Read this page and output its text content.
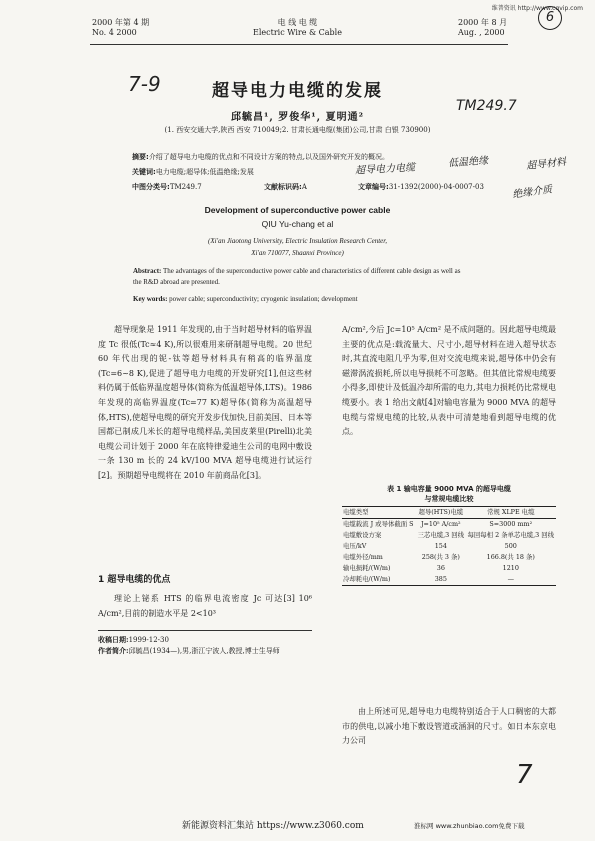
维普资讯 http://www.cqvip.com
6
2000 年第 4 期
No. 4 2000
电 线 电 缆
Electric Wire & Cable
2000 年 8 月
Aug. , 2000
7-9
TM249.7
超导电力电缆	低温绝缘	超导材料
绝缘介质
超导电力电缆的发展
邱毓昌¹, 罗俊华¹, 夏明通²
(1. 西安交通大学,陕西 西安 710049;2. 甘肃长通电缆(集团)公司,甘肃 白银 730900)
摘要:介绍了超导电力电缆的优点和不同设计方案的特点,以及国外研究开发的概况。
关键词:电力电缆;超导体;低温绝缘;发展
中图分类号:TM249.7	文献标识码:A	文章编号:31-1392(2000)-04-0007-03
Development of superconductive power cable
QIU Yu-chang et al
(Xi'an Jiaotong University, Electric Insulation Research Center,
Xi'an 710077, Shaanxi Province)
Abstract: The advantages of the superconductive power cable and characteristics of different cable design as well as the R&D abroad are presented.
Key words: power cable; superconductivity; cryogenic insulation; development
超导现象是 1911 年发现的,由于当时超导材料的临界温度 Tc 很低(Tc≈4 K),所以很难用来研制超导电缆。20 世纪 60 年代出现的铌-钛等超导材料具有稍高的临界温度(Tc=6~8 K),促进了超导电力电缆的开发研究[1],但这些材料仍属于低临界温度超导体(简称为低温超导体,LTS)。1986 年发现的高临界温度(Tc=77 K)超导体(简称为高温超导体,HTS),使超导电缆的研究开发步伐加快,目前美国、日本等国都已制成几米长的超导电缆样品,美国皮莱里(Pirelli)北美电缆公司计划于 2000 年在底特律爱迪生公司的电网中敷设一条 130 m 长的 24 kV/100 MVA 超导电缆进行试运行[2]。预期超导电缆将在 2010 年前商品化[3]。
1 超导电缆的优点
理论上铋系 HTS 的临界电流密度 Jc 可达[3] 10⁶ A/cm²,目前的制造水平是 2<10³
收稿日期:1999-12-30
作者简介:邱毓昌(1934—),男,浙江宁波人,教授,博士生导师
A/cm²,今后 Jc=10⁵ A/cm² 是不成问题的。因此超导电缆最主要的优点是:载流量大、尺寸小,超导材料在进入超导状态时,其直流电阻几乎为零,但对交流电缆来说,超导体中仍会有磁滞涡流损耗,所以电导损耗不可忽略。但其值比常规电缆要小得多,即使计及低温冷却所需的电力,其电力损耗仍比常规电缆要小。表 1 给出文献[4]对输电容量为 9000 MVA 的超导电缆与常规电缆的比较,从表中可清楚地看到超导电缆的优点。
表 1 输电容量 9000 MVA 的超导电缆
与常规电缆比较
电缆类型	超导(HTS)电缆	常规 XLPE 电缆
电缆载流 J 或导体截面 S	J=10⁵ A/cm²	S=3000 mm²
电缆敷设方案	三芯电缆,3 回线	每回每相 2 条单芯电缆,3 回线
电压/kV	154	500
电缆外径/mm	258(共 3 条)	166.8(共 18 条)
输电损耗/(W/m)	36	1210
冷却耗电/(W/m)	385	—
由上所述可见,超导电力电缆特别适合于人口稠密的大都市的供电,以减小地下敷设管道或涵洞的尺寸。如日本东京电力公司
7
新能源资料汇集站 https://www.z3060.com	淮标网 www.zhunbiao.com免费下载
